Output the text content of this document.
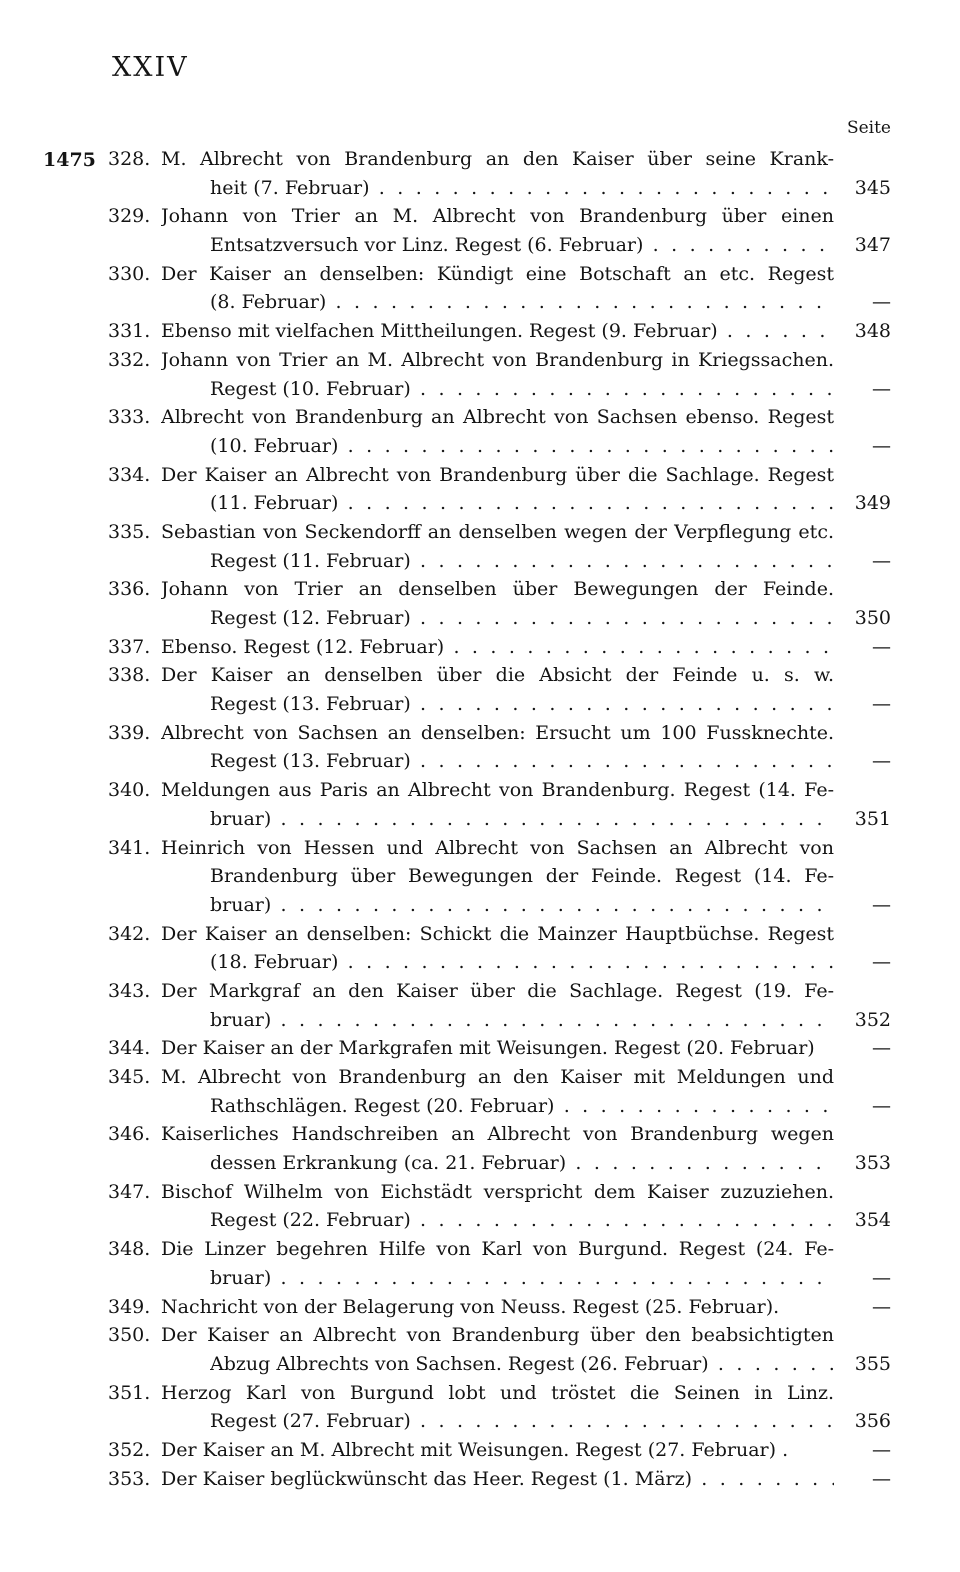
XXIV
Seite
1475 328. M. Albrecht von Brandenburg an den Kaiser über seine Krank-
heit (7. Februar) . . .	345
329. Johann von Trier an M. Albrecht von Brandenburg über einen
Entsatzversuch vor Linz. Regest (6. Februar) . . .	347
330. Der Kaiser an denselben: Kündigt eine Botschaft an etc. Regest
(8. Februar) . . .	—
331. Ebenso mit vielfachen Mittheilungen. Regest (9. Februar) . . .	348
332. Johann von Trier an M. Albrecht von Brandenburg in Kriegssachen.
Regest (10. Februar) . . .	—
333. Albrecht von Brandenburg an Albrecht von Sachsen ebenso. Regest
(10. Februar) . . .	—
334. Der Kaiser an Albrecht von Brandenburg über die Sachlage. Regest
(11. Februar) . . .	349
335. Sebastian von Seckendorff an denselben wegen der Verpflegung etc.
Regest (11. Februar) . . .	—
336. Johann von Trier an denselben über Bewegungen der Feinde.
Regest (12. Februar) . . .	350
337. Ebenso. Regest (12. Februar) . . .	—
338. Der Kaiser an denselben über die Absicht der Feinde u. s. w.
Regest (13. Februar) . . .	—
339. Albrecht von Sachsen an denselben: Ersucht um 100 Fussknechte.
Regest (13. Februar) . . .	—
340. Meldungen aus Paris an Albrecht von Brandenburg. Regest (14. Fe-
bruar) . . .	351
341. Heinrich von Hessen und Albrecht von Sachsen an Albrecht von
Brandenburg über Bewegungen der Feinde. Regest (14. Fe-
bruar) . . .	—
342. Der Kaiser an denselben: Schickt die Mainzer Hauptbüchse. Regest
(18. Februar) . . .	—
343. Der Markgraf an den Kaiser über die Sachlage. Regest (19. Fe-
bruar) . . .	352
344. Der Kaiser an der Markgrafen mit Weisungen. Regest (20. Februar)	—
345. M. Albrecht von Brandenburg an den Kaiser mit Meldungen und
Rathschlägen. Regest (20. Februar) . . .	—
346. Kaiserliches Handschreiben an Albrecht von Brandenburg wegen
dessen Erkrankung (ca. 21. Februar) . . .	353
347. Bischof Wilhelm von Eichstädt verspricht dem Kaiser zuzuziehen.
Regest (22. Februar) . . .	354
348. Die Linzer begehren Hilfe von Karl von Burgund. Regest (24. Fe-
bruar) . . .	—
349. Nachricht von der Belagerung von Neuss. Regest (25. Februar).	—
350. Der Kaiser an Albrecht von Brandenburg über den beabsichtigten
Abzug Albrechts von Sachsen. Regest (26. Februar) . . .	355
351. Herzog Karl von Burgund lobt und tröstet die Seinen in Linz.
Regest (27. Februar) . . .	356
352. Der Kaiser an M. Albrecht mit Weisungen. Regest (27. Februar) .	—
353. Der Kaiser beglückwünscht das Heer. Regest (1. März) . . .	—
